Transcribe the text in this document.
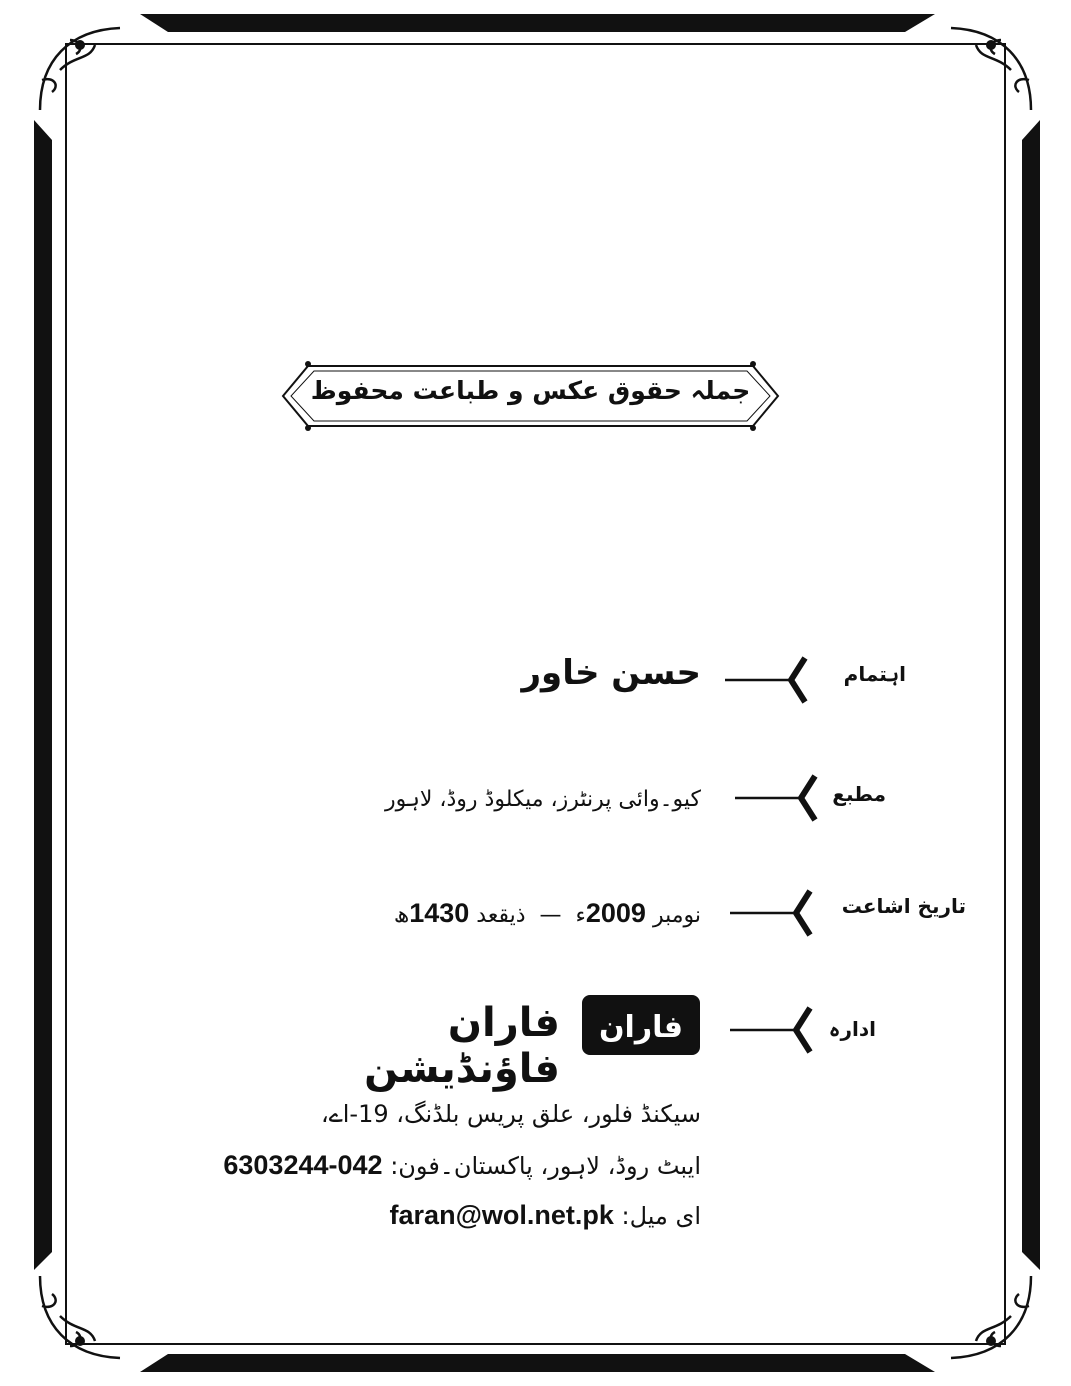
جملہ حقوق عکس و طباعت محفوظ
اہتمام
حسن خاور
مطبع
کیو۔وائی پرنٹرز، میکلوڈ روڈ، لاہور
تاریخ اشاعت
نومبر 2009ء  —  ذیقعد 1430ھ
ادارہ
فاران
فاران فاؤنڈیشن
سیکنڈ فلور، علق پریس بلڈنگ، 19-اے،
ایبٹ روڈ، لاہور، پاکستان۔فون: 042-6303244
ای میل: faran@wol.net.pk
